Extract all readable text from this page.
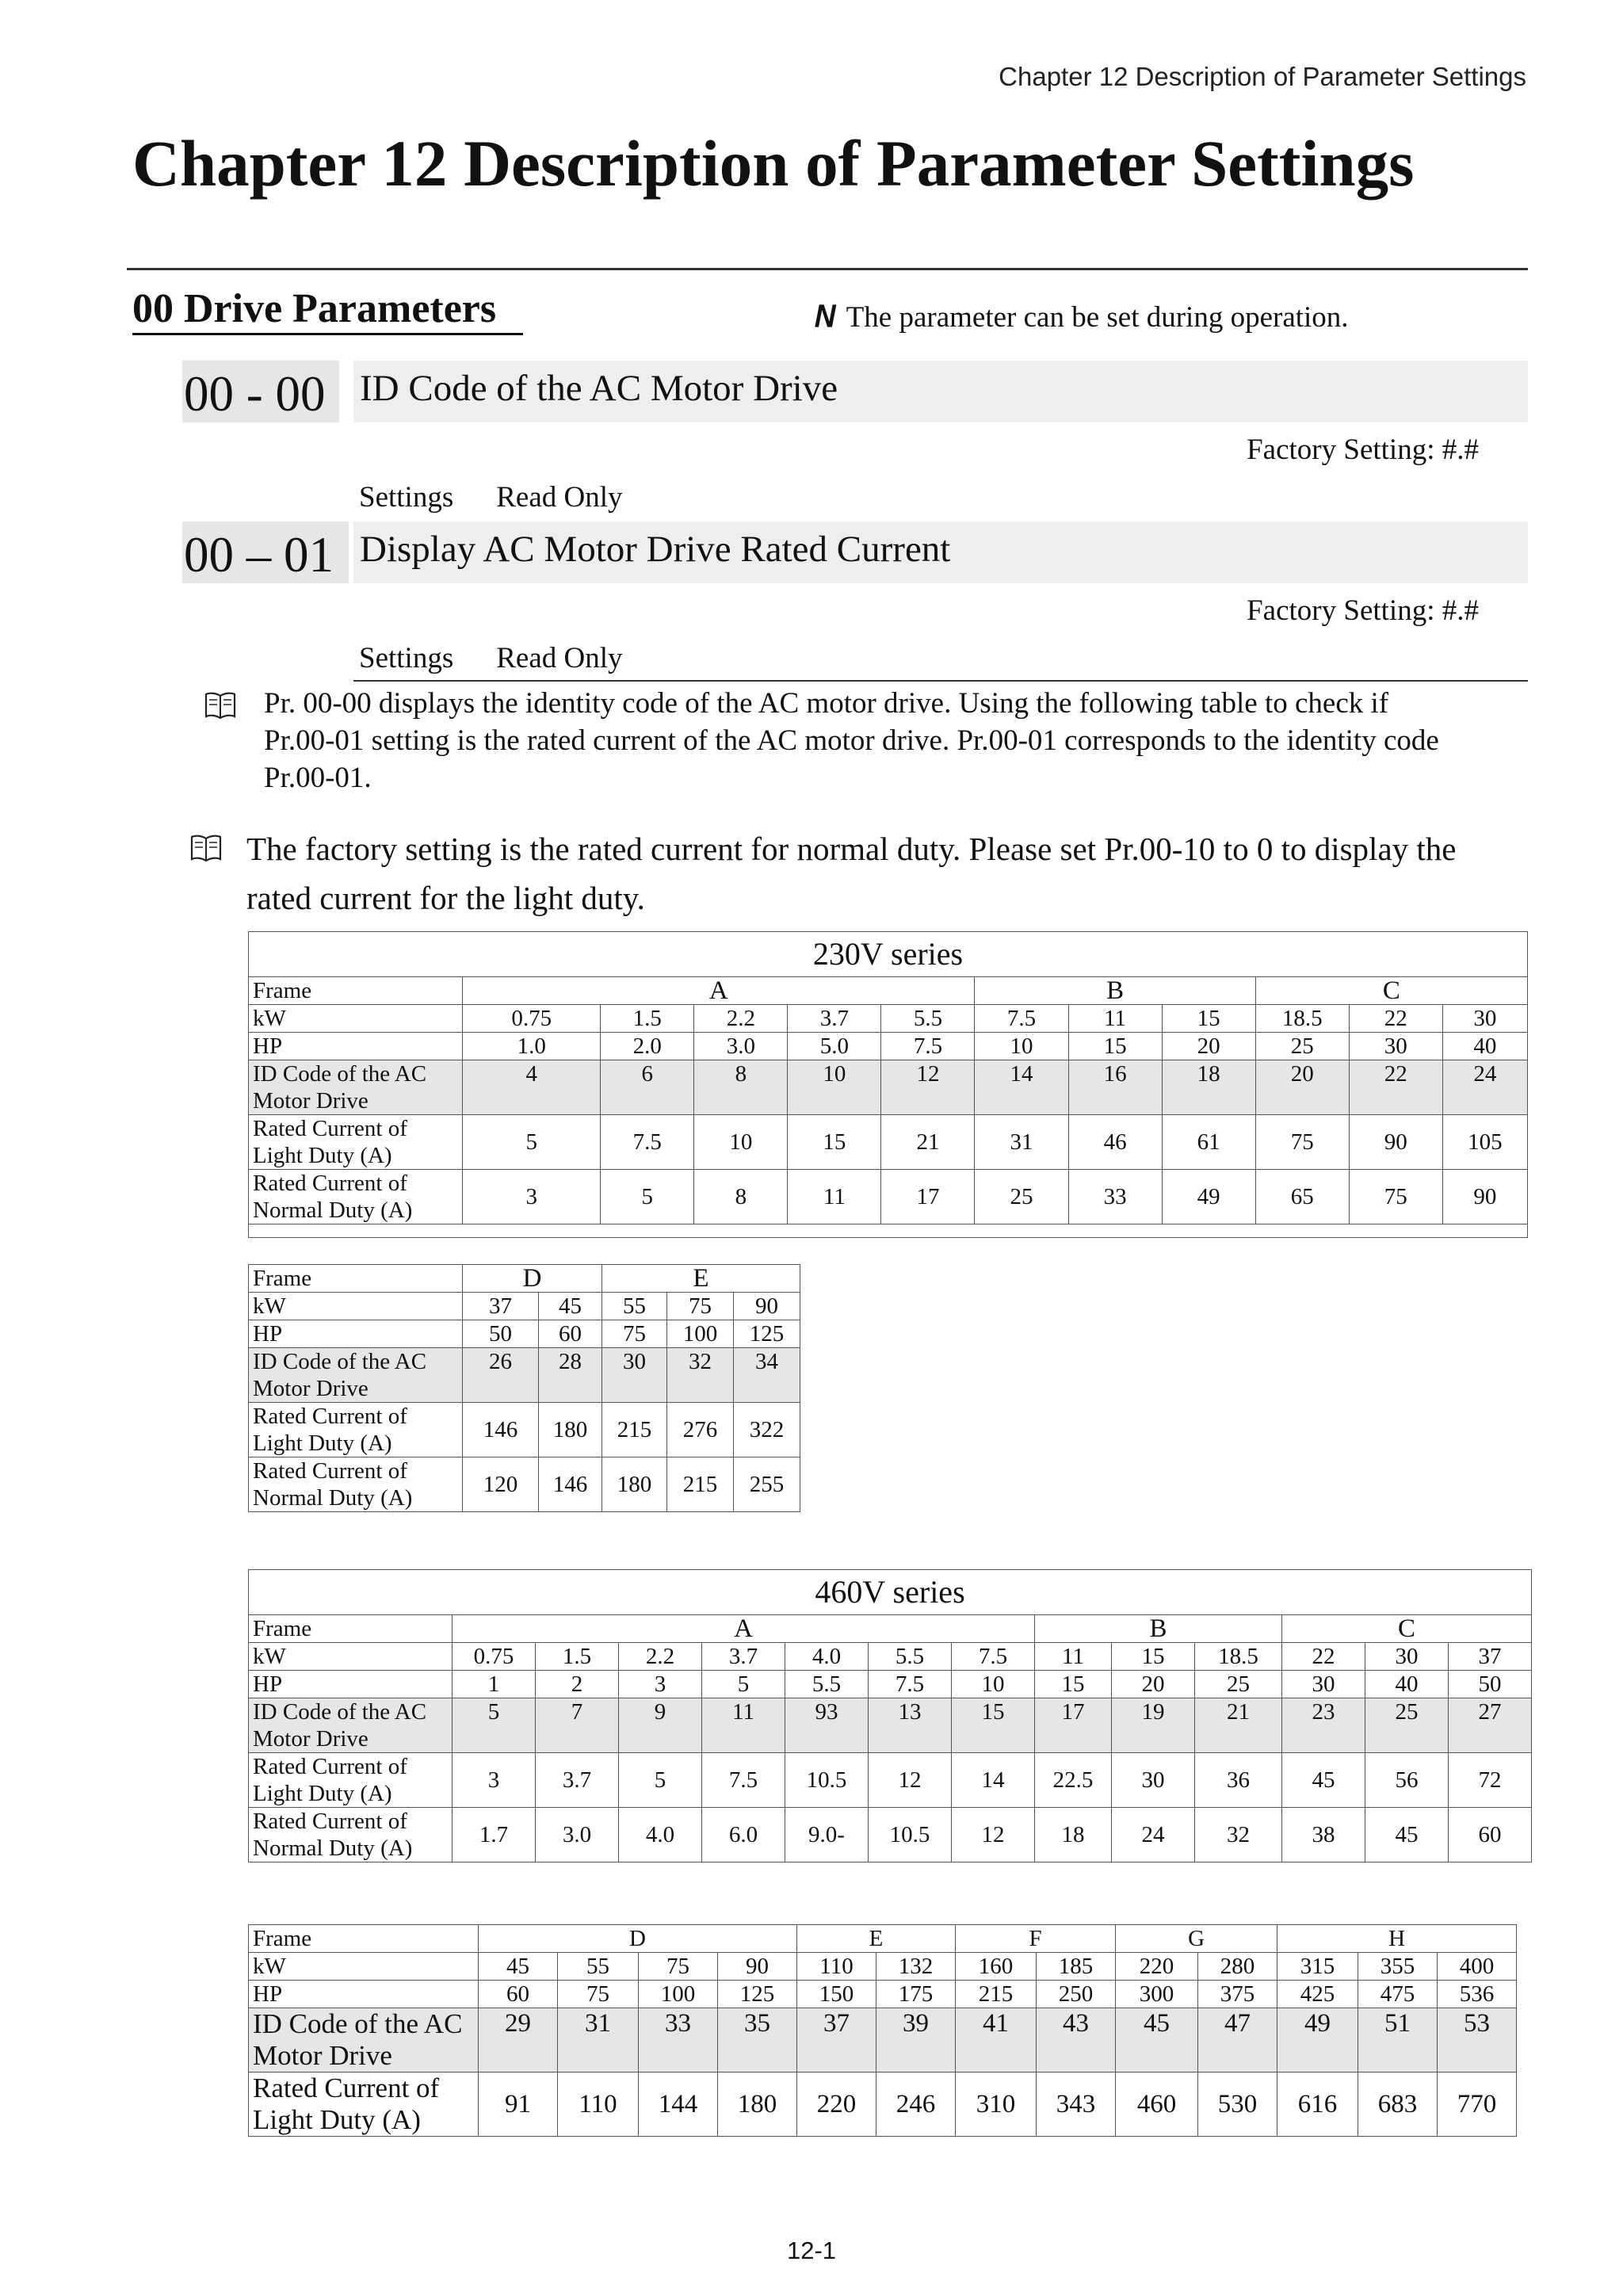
Chapter 12 Description of Parameter Settings
Chapter 12 Description of Parameter Settings
00 Drive Parameters	𝘕 The parameter can be set during operation.
00 - 00 ID Code of the AC Motor Drive
Factory Setting: #.#
Settings Read Only
00 – 01 Display AC Motor Drive Rated Current
Factory Setting: #.#
Settings Read Only
Pr. 00-00 displays the identity code of the AC motor drive. Using the following table to check if
Pr.00-01 setting is the rated current of the AC motor drive. Pr.00-01 corresponds to the identity code
Pr.00-01.
The factory setting is the rated current for normal duty. Please set Pr.00-10 to 0 to display the
rated current for the light duty.
230V series											
Frame	A					B			C		
kW	0.75	1.5	2.2	3.7	5.5	7.5	11	15	18.5	22	30
HP	1.0	2.0	3.0	5.0	7.5	10	15	20	25	30	40
ID Code of the AC Motor Drive	4	6	8	10	12	14	16	18	20	22	24
Rated Current of Light Duty (A)	5	7.5	10	15	21	31	46	61	75	90	105
Rated Current of Normal Duty (A)	3	5	8	11	17	25	33	49	65	75	90

Frame	D		E		
kW	37	45	55	75	90
HP	50	60	75	100	125
ID Code of the AC Motor Drive	26	28	30	32	34
Rated Current of Light Duty (A)	146	180	215	276	322
Rated Current of Normal Duty (A)	120	146	180	215	255
460V series													
Frame	A							B			C		
kW	0.75	1.5	2.2	3.7	4.0	5.5	7.5	11	15	18.5	22	30	37
HP	1	2	3	5	5.5	7.5	10	15	20	25	30	40	50
ID Code of the AC Motor Drive	5	7	9	11	93	13	15	17	19	21	23	25	27
Rated Current of Light Duty (A)	3	3.7	5	7.5	10.5	12	14	22.5	30	36	45	56	72
Rated Current of Normal Duty (A)	1.7	3.0	4.0	6.0	9.0-	10.5	12	18	24	32	38	45	60
Frame	D				E		F		G		H		
kW	45	55	75	90	110	132	160	185	220	280	315	355	400
HP	60	75	100	125	150	175	215	250	300	375	425	475	536
ID Code of the AC Motor Drive	29	31	33	35	37	39	41	43	45	47	49	51	53
Rated Current of Light Duty (A)	91	110	144	180	220	246	310	343	460	530	616	683	770
12-1
